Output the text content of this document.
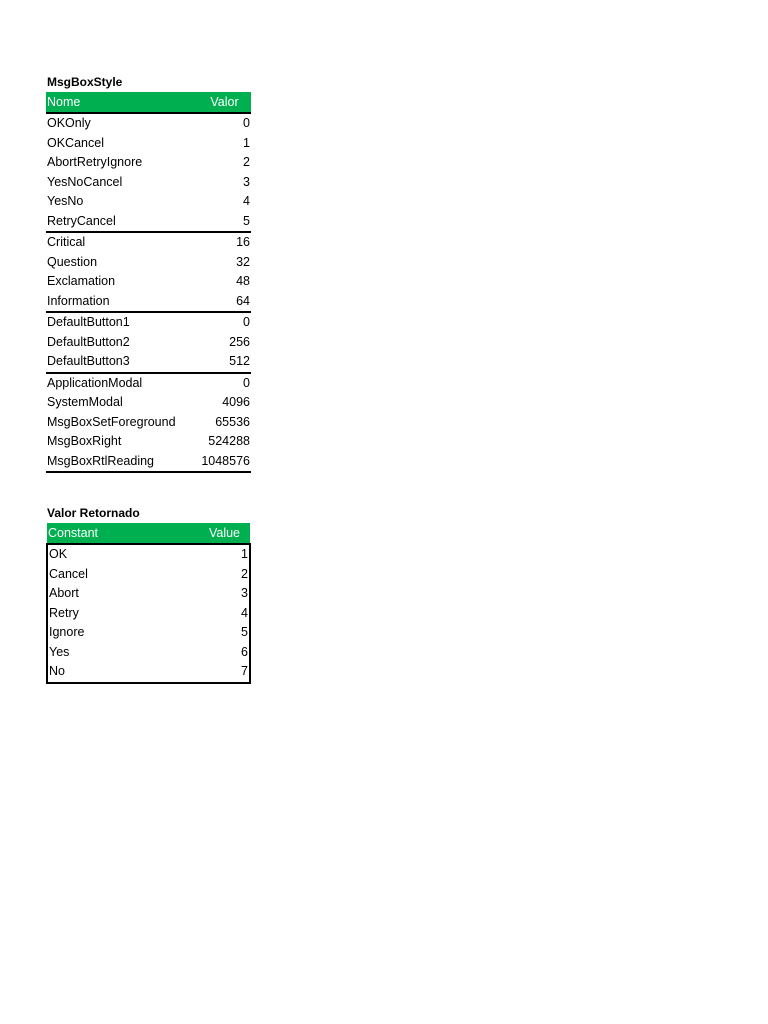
MsgBoxStyle
Nome	Valor
OKOnly	0
OKCancel	1
AbortRetryIgnore	2
YesNoCancel	3
YesNo	4
RetryCancel	5
Critical	16
Question	32
Exclamation	48
Information	64
DefaultButton1	0
DefaultButton2	256
DefaultButton3	512
ApplicationModal	0
SystemModal	4096
MsgBoxSetForeground	65536
MsgBoxRight	524288
MsgBoxRtlReading	1048576
Valor Retornado
Constant	Value
OK	1
Cancel	2
Abort	3
Retry	4
Ignore	5
Yes	6
No	7
